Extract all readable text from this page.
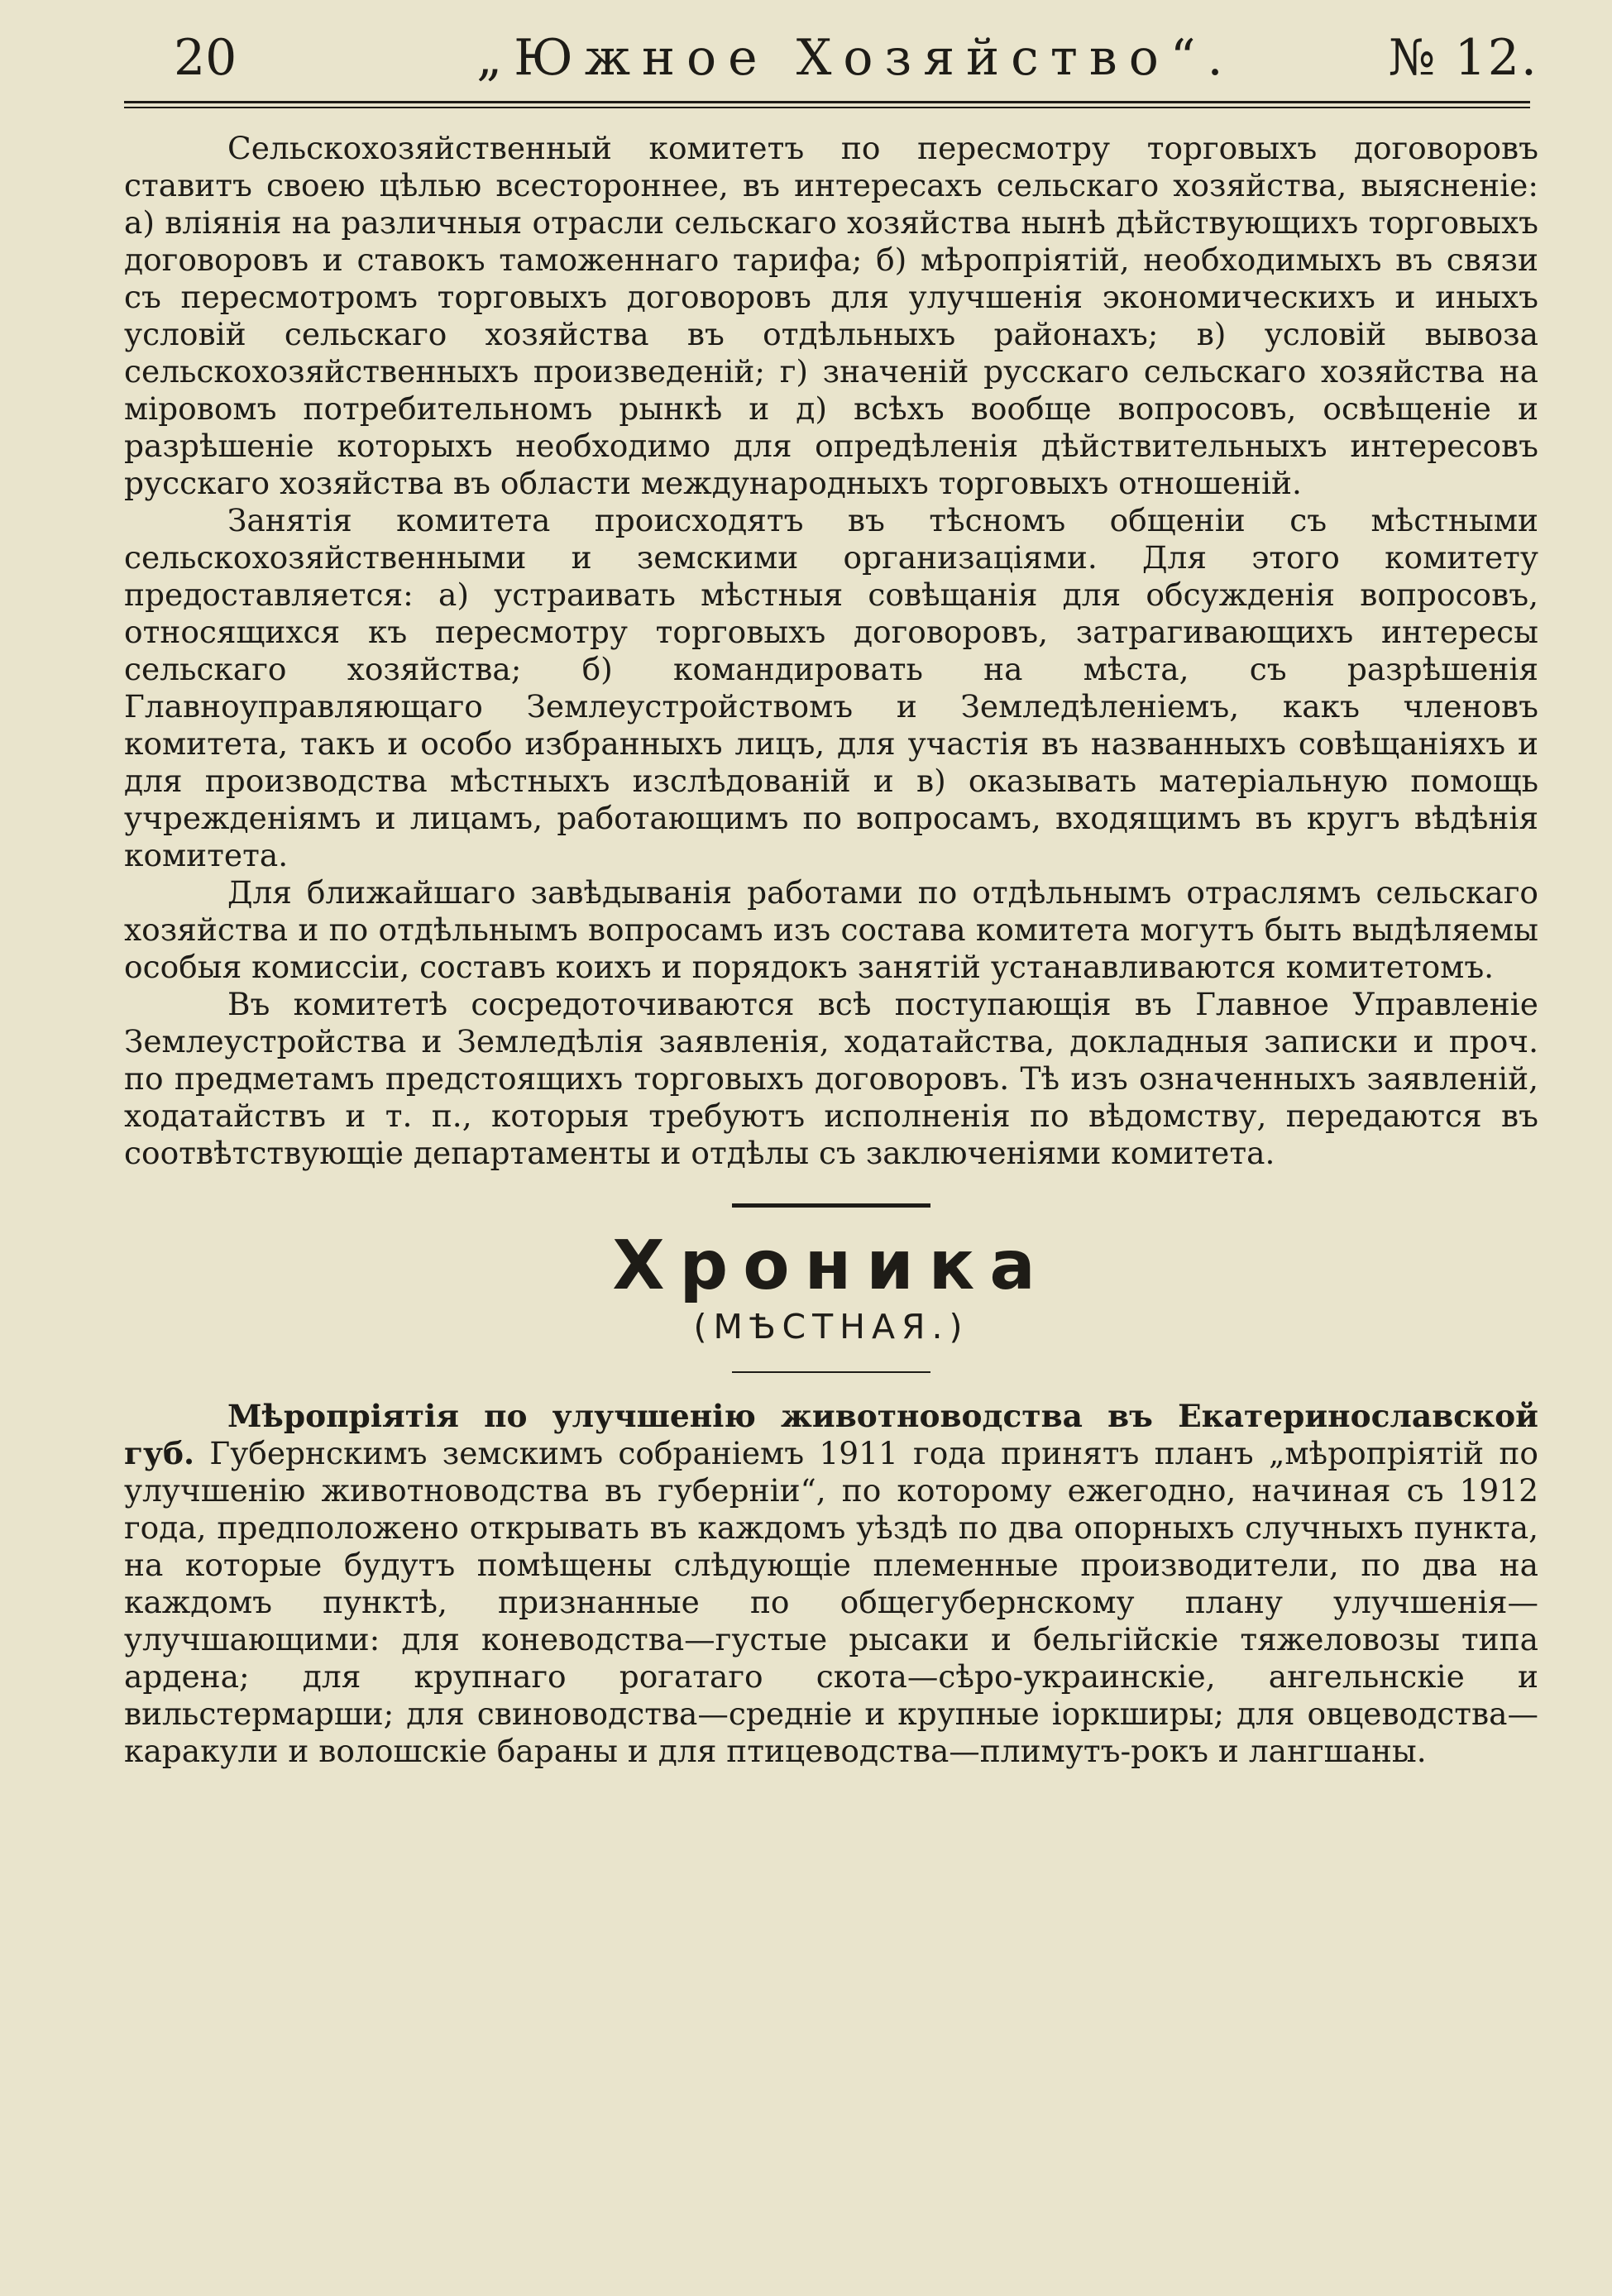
20	„Южное Хозяйство“.	№ 12.

Сельскохозяйственный комитетъ по пересмотру торговыхъ договоровъ ставитъ своею цѣлью всестороннее, въ интересахъ сельскаго хозяйства, выясненіе: а) вліянія на различныя отрасли сельскаго хозяйства нынѣ дѣйствующихъ торговыхъ договоровъ и ставокъ таможеннаго тарифа; б) мѣропріятій, необходимыхъ въ связи съ пересмотромъ торговыхъ договоровъ для улучшенія экономическихъ и иныхъ условій сельскаго хозяйства въ отдѣльныхъ районахъ; в) условій вывоза сельскохозяйственныхъ произведеній; г) значеній русскаго сельскаго хозяйства на міровомъ потребительномъ рынкѣ и д) всѣхъ вообще вопросовъ, освѣщеніе и разрѣшеніе которыхъ необходимо для опредѣленія дѣйствительныхъ интересовъ русскаго хозяйства въ области международныхъ торговыхъ отношеній.

Занятія комитета происходятъ въ тѣсномъ общеніи съ мѣстными сельскохозяйственными и земскими организаціями. Для этого комитету предоставляется: а) устраивать мѣстныя совѣщанія для обсужденія вопросовъ, относящихся къ пересмотру торговыхъ договоровъ, затрагивающихъ интересы сельскаго хозяйства; б) командировать на мѣста, съ разрѣшенія Главноуправляющаго Землеустройствомъ и Земледѣленіемъ, какъ членовъ комитета, такъ и особо избранныхъ лицъ, для участія въ названныхъ совѣщаніяхъ и для производства мѣстныхъ изслѣдованій и в) оказывать матеріальную помощь учрежденіямъ и лицамъ, работающимъ по вопросамъ, входящимъ въ кругъ вѣдѣнія комитета.

Для ближайшаго завѣдыванія работами по отдѣльнымъ отраслямъ сельскаго хозяйства и по отдѣльнымъ вопросамъ изъ состава комитета могутъ быть выдѣляемы особыя комиссіи, составъ коихъ и порядокъ занятій устанавливаются комитетомъ.

Въ комитетѣ сосредоточиваются всѣ поступающія въ Главное Управленіе Землеустройства и Земледѣлія заявленія, ходатайства, докладныя записки и проч. по предметамъ предстоящихъ торговыхъ договоровъ. Тѣ изъ означенныхъ заявленій, ходатайствъ и т. п., которыя требуютъ исполненія по вѣдомству, передаются въ соотвѣтствующіе департаменты и отдѣлы съ заключеніями комитета.

Хроника
(МѢСТНАЯ.)

Мѣропріятія по улучшенію животноводства въ Екатеринославской губ. Губернскимъ земскимъ собраніемъ 1911 года принятъ планъ „мѣропріятій по улучшенію животноводства въ губерніи“, по которому ежегодно, начиная съ 1912 года, предположено открывать въ каждомъ уѣздѣ по два опорныхъ случныхъ пункта, на которые будутъ помѣщены слѣдующіе племенные производители, по два на каждомъ пунктѣ, признанные по общегубернскому плану улучшенія— улучшающими: для коневодства—густые рысаки и бельгійскіе тяжеловозы типа ардена; для крупнаго рогатаго скота—сѣро-украинскіе, ангельнскіе и вильстермарши; для свиноводства—средніе и крупные іоркширы; для овцеводства—каракули и волошскіе бараны и для птицеводства—плимутъ-рокъ и лангшаны.
